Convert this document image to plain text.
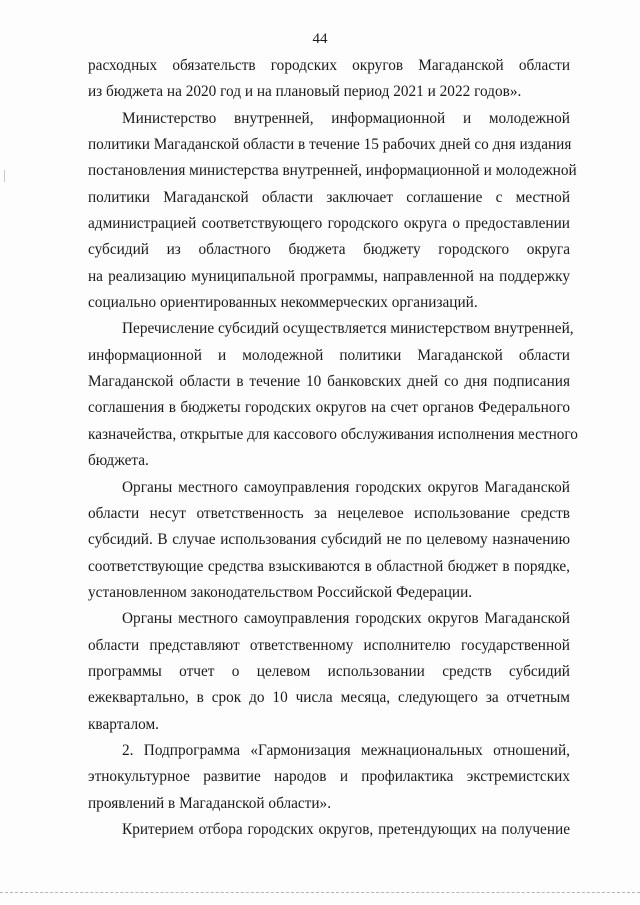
44
расходных обязательств городских округов Магаданской области
из бюджета на 2020 год и на плановый период 2021 и 2022 годов».
Министерство внутренней, информационной и молодежной
политики Магаданской области в течение 15 рабочих дней со дня издания
постановления министерства внутренней, информационной и молодежной
политики Магаданской области заключает соглашение с местной
администрацией соответствующего городского округа о предоставлении
субсидий из областного бюджета бюджету городского округа
на реализацию муниципальной программы, направленной на поддержку
социально ориентированных некоммерческих организаций.
Перечисление субсидий осуществляется министерством внутренней,
информационной и молодежной политики Магаданской области
Магаданской области в течение 10 банковских дней со дня подписания
соглашения в бюджеты городских округов на счет органов Федерального
казначейства, открытые для кассового обслуживания исполнения местного
бюджета.
Органы местного самоуправления городских округов Магаданской
области несут ответственность за нецелевое использование средств
субсидий. В случае использования субсидий не по целевому назначению
соответствующие средства взыскиваются в областной бюджет в порядке,
установленном законодательством Российской Федерации.
Органы местного самоуправления городских округов Магаданской
области представляют ответственному исполнителю государственной
программы отчет о целевом использовании средств субсидий
ежеквартально, в срок до 10 числа месяца, следующего за отчетным
кварталом.
2. Подпрограмма «Гармонизация межнациональных отношений,
этнокультурное развитие народов и профилактика экстремистских
проявлений в Магаданской области».
Критерием отбора городских округов, претендующих на получение
